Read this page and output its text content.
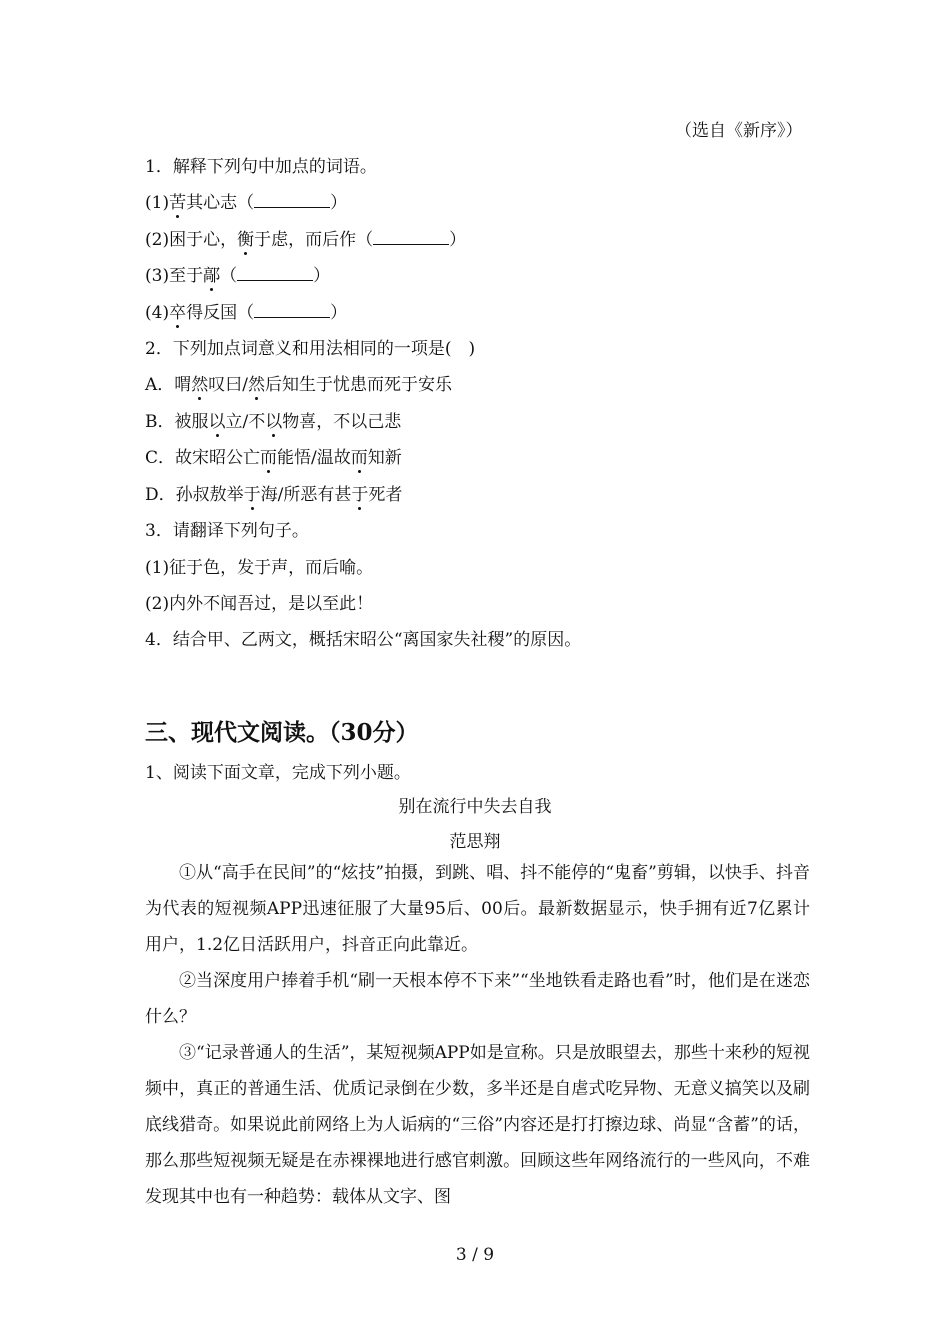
（选自《新序》）
1．解释下列句中加点的词语。
(1)苦其心志（	）
(2)困于心，衡于虑，而后作（	）
(3)至于鄗（	）
(4)卒得反国（	）
2．下列加点词意义和用法相同的一项是(　)
A．喟然叹曰/然后知生于忧患而死于安乐
B．被服以立/不以物喜，不以己悲
C．故宋昭公亡而能悟/温故而知新
D．孙叔敖举于海/所恶有甚于死者
3．请翻译下列句子。
(1)征于色，发于声，而后喻。
(2)内外不闻吾过，是以至此！
4．结合甲、乙两文，概括宋昭公“离国家失社稷”的原因。
三、现代文阅读。（30分）
1、阅读下面文章，完成下列小题。
别在流行中失去自我
范思翔
①从“高手在民间”的“炫技”拍摄，到跳、唱、抖不能停的“鬼畜”剪辑，以快手、抖音为代表的短视频APP迅速征服了大量95后、00后。最新数据显示，快手拥有近7亿累计用户，1.2亿日活跃用户，抖音正向此靠近。
②当深度用户捧着手机“刷一天根本停不下来”“坐地铁看走路也看”时，他们是在迷恋什么？
③“记录普通人的生活”，某短视频APP如是宣称。只是放眼望去，那些十来秒的短视频中，真正的普通生活、优质记录倒在少数，多半还是自虐式吃异物、无意义搞笑以及刷底线猎奇。如果说此前网络上为人诟病的“三俗”内容还是打打擦边球、尚显“含蓄”的话，那么那些短视频无疑是在赤裸裸地进行感官刺激。回顾这些年网络流行的一些风向，不难发现其中也有一种趋势：载体从文字、图
3 / 9
